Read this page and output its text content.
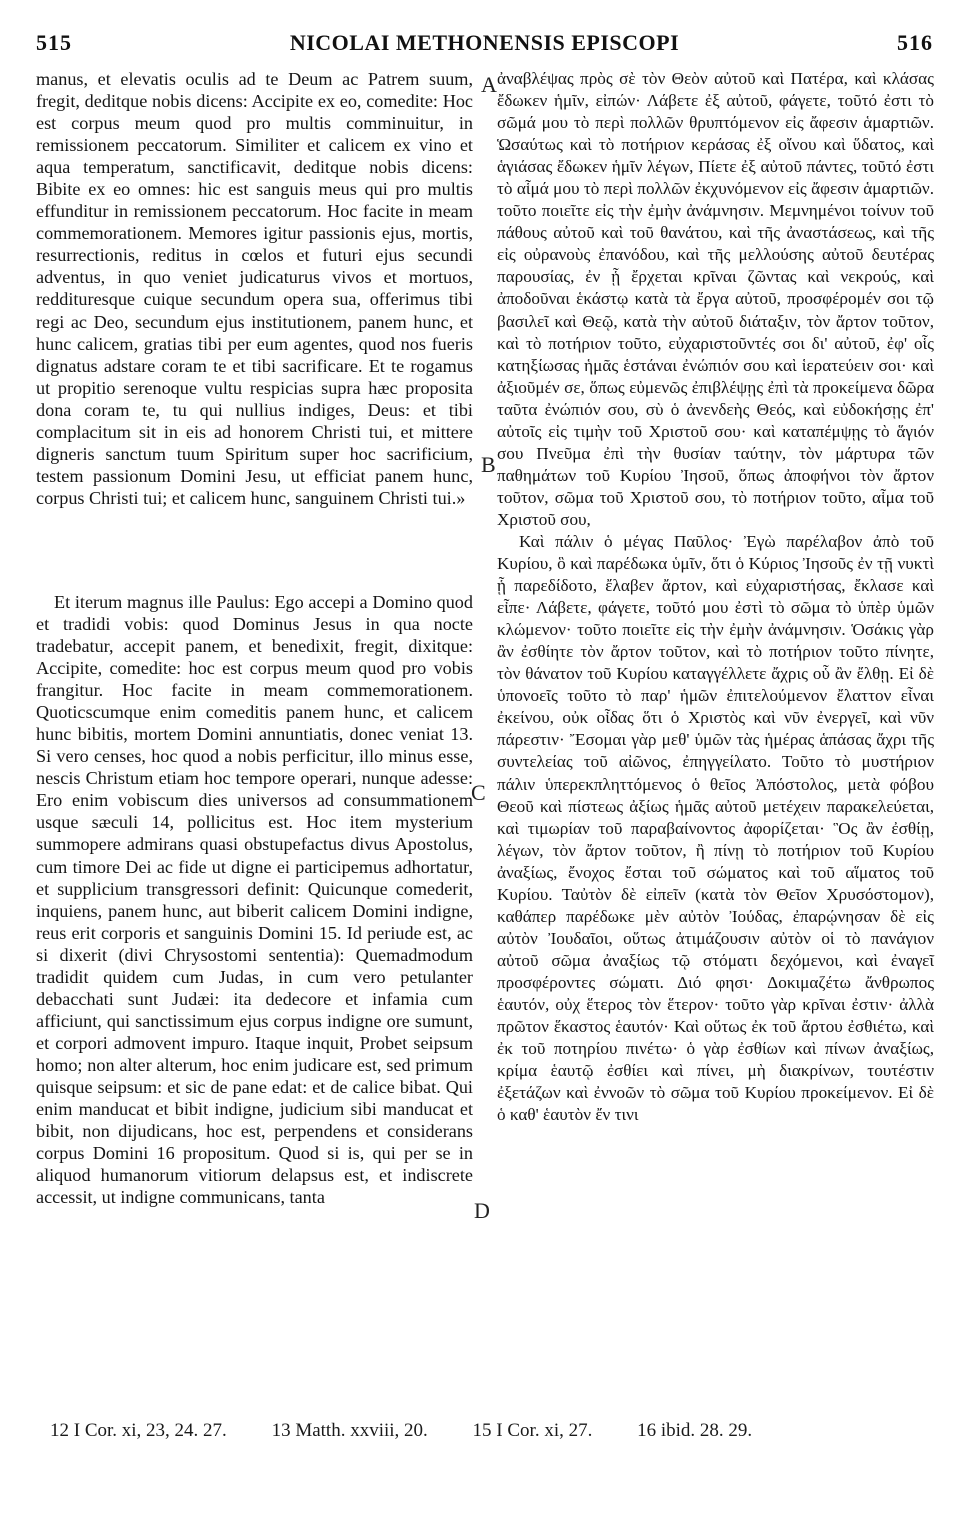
515	NICOLAI METHONENSIS EPISCOPI	516

manus, et elevatis oculis ad te Deum ac Patrem suum, fregit, deditque nobis dicens: Accipite ex eo, comedite: Hoc est corpus meum quod pro multis comminuitur, in remissionem peccatorum. Similiter et calicem ex vino et aqua temperatum, sanctificavit, deditque nobis dicens: Bibite ex eo omnes: hic est sanguis meus qui pro multis effunditur in remissionem peccatorum. Hoc facite in meam commemorationem. Memores igitur passionis ejus, mortis, resurrectionis, reditus in cœlos et futuri ejus secundi adventus, in quo veniet judicaturus vivos et mortuos, reddituresque cuique secundum opera sua, offerimus tibi regi ac Deo, secundum ejus institutionem, panem hunc, et hunc calicem, gratias tibi per eum agentes, quod nos fueris dignatus adstare coram te et tibi sacrificare. Et te rogamus ut propitio serenoque vultu respicias supra hæc proposita dona coram te, tu qui nullius indiges, Deus: et tibi complacitum sit in eis ad honorem Christi tui, et mittere digneris sanctum tuum Spiritum super hoc sacrificium, testem passionum Domini Jesu, ut efficiat panem hunc, corpus Christi tui; et calicem hunc, sanguinem Christi tui.»

Et iterum magnus ille Paulus: Ego accepi a Domino quod et tradidi vobis: quod Dominus Jesus in qua nocte tradebatur, accepit panem, et benedixit, fregit, dixitque: Accipite, comedite: hoc est corpus meum quod pro vobis frangitur. Hoc facite in meam commemorationem. Quoticscumque enim comeditis panem hunc, et calicem hunc bibitis, mortem Domini annuntiatis, donec veniat 13. Si vero censes, hoc quod a nobis perficitur, illo minus esse, nescis Christum etiam hoc tempore operari, nunque adesse: Ero enim vobiscum dies universos ad consummationem usque sæculi 14, pollicitus est. Hoc item mysterium summopere admirans quasi obstupefactus divus Apostolus, cum timore Dei ac fide ut digne ei participemus adhortatur, et supplicium transgressori definit: Quicunque comederit, inquiens, panem hunc, aut biberit calicem Domini indigne, reus erit corporis et sanguinis Domini 15. Id periude est, ac si dixerit (divi Chrysostomi sententia): Quemadmodum tradidit quidem cum Judas, in cum vero petulanter debacchati sunt Judæi: ita dedecore et infamia cum afficiunt, qui sanctissimum ejus corpus indigne ore sumunt, et corpori admovent impuro. Itaque inquit, Probet seipsum homo; non alter alterum, hoc enim judicare est, sed primum quisque seipsum: et sic de pane edat: et de calice bibat. Qui enim manducat et bibit indigne, judicium sibi manducat et bibit, non dijudicans, hoc est, perpendens et considerans corpus Domini 16 propositum. Quod si is, qui per se in aliquod humanorum vitiorum delapsus est, et indiscrete accessit, ut indigne communicans, tanta

ἀναβλέψας πρὸς σὲ τὸν Θεὸν αὐτοῦ καὶ Πατέρα, καὶ κλάσας ἔδωκεν ἡμῖν, εἰπών· Λάβετε ἐξ αὐτοῦ, φάγετε, τοῦτό ἐστι τὸ σῶμά μου τὸ περὶ πολλῶν θρυπτόμενον εἰς ἄφεσιν ἁμαρτιῶν. Ὡσαύτως καὶ τὸ ποτήριον κεράσας ἐξ οἴνου καὶ ὕδατος, καὶ ἁγιάσας ἔδωκεν ἡμῖν λέγων, Πίετε ἐξ αὐτοῦ πάντες, τοῦτό ἐστι τὸ αἷμά μου τὸ περὶ πολλῶν ἐκχυνόμενον εἰς ἄφεσιν ἁμαρτιῶν. τοῦτο ποιεῖτε εἰς τὴν ἐμὴν ἀνάμνησιν. Μεμνημένοι τοίνυν τοῦ πάθους αὐτοῦ καὶ τοῦ θανάτου, καὶ τῆς ἀναστάσεως, καὶ τῆς εἰς οὐρανοὺς ἐπανόδου, καὶ τῆς μελλούσης αὐτοῦ δευτέρας παρουσίας, ἐν ᾗ ἔρχεται κρῖναι ζῶντας καὶ νεκρούς, καὶ ἀποδοῦναι ἑκάστῳ κατὰ τὰ ἔργα αὐτοῦ, προσφέρομέν σοι τῷ βασιλεῖ καὶ Θεῷ, κατὰ τὴν αὐτοῦ διάταξιν, τὸν ἄρτον τοῦτον, καὶ τὸ ποτήριον τοῦτο, εὐχαριστοῦντές σοι δι' αὐτοῦ, ἐφ' οἷς κατηξίωσας ἡμᾶς ἑστάναι ἐνώπιόν σου καὶ ἱερατεύειν σοι· καὶ ἀξιοῦμέν σε, ὅπως εὐμενῶς ἐπιβλέψῃς ἐπὶ τὰ προκείμενα δῶρα ταῦτα ἐνώπιόν σου, σὺ ὁ ἀνενδεὴς Θεός, καὶ εὐδοκήσῃς ἐπ' αὐτοῖς εἰς τιμὴν τοῦ Χριστοῦ σου· καὶ καταπέμψῃς τὸ ἅγιόν σου Πνεῦμα ἐπὶ τὴν θυσίαν ταύτην, τὸν μάρτυρα τῶν παθημάτων τοῦ Κυρίου Ἰησοῦ, ὅπως ἀποφήνοι τὸν ἄρτον τοῦτον, σῶμα τοῦ Χριστοῦ σου, τὸ ποτήριον τοῦτο, αἷμα τοῦ Χριστοῦ σου,

Καὶ πάλιν ὁ μέγας Παῦλος· Ἐγὼ παρέλαβον ἀπὸ τοῦ Κυρίου, ὃ καὶ παρέδωκα ὑμῖν, ὅτι ὁ Κύριος Ἰησοῦς ἐν τῇ νυκτὶ ᾗ παρεδίδοτο, ἔλαβεν ἄρτον, καὶ εὐχαριστήσας, ἔκλασε καὶ εἶπε· Λάβετε, φάγετε, τοῦτό μου ἐστὶ τὸ σῶμα τὸ ὑπὲρ ὑμῶν κλώμενον· τοῦτο ποιεῖτε εἰς τὴν ἐμὴν ἀνάμνησιν. Ὁσάκις γὰρ ἂν ἐσθίητε τὸν ἄρτον τοῦτον, καὶ τὸ ποτήριον τοῦτο πίνητε, τὸν θάνατον τοῦ Κυρίου καταγγέλλετε ἄχρις οὗ ἂν ἔλθῃ. Εἰ δὲ ὑπονοεῖς τοῦτο τὸ παρ' ἡμῶν ἐπιτελούμενον ἔλαττον εἶναι ἐκείνου, οὐκ οἶδας ὅτι ὁ Χριστὸς καὶ νῦν ἐνεργεῖ, καὶ νῦν πάρεστιν· Ἔσομαι γὰρ μεθ' ὑμῶν τὰς ἡμέρας ἁπάσας ἄχρι τῆς συντελείας τοῦ αἰῶνος, ἐπηγγείλατο. Τοῦτο τὸ μυστήριον πάλιν ὑπερεκπληττόμενος ὁ θεῖος Ἀπόστολος, μετὰ φόβου Θεοῦ καὶ πίστεως ἀξίως ἡμᾶς αὐτοῦ μετέχειν παρακελεύεται, καὶ τιμωρίαν τοῦ παραβαίνοντος ἀφορίζεται· Ὃς ἂν ἐσθίῃ, λέγων, τὸν ἄρτον τοῦτον, ἢ πίνῃ τὸ ποτήριον τοῦ Κυρίου ἀναξίως, ἔνοχος ἔσται τοῦ σώματος καὶ τοῦ αἵματος τοῦ Κυρίου. Ταὐτὸν δὲ εἰπεῖν (κατὰ τὸν Θεῖον Χρυσόστομον), καθάπερ παρέδωκε μὲν αὐτὸν Ἰούδας, ἐπαρῴνησαν δὲ εἰς αὐτὸν Ἰουδαῖοι, οὕτως ἀτιμάζουσιν αὐτὸν οἱ τὸ πανάγιον αὐτοῦ σῶμα ἀναξίως τῷ στόματι δεχόμενοι, καὶ ἐναγεῖ προσφέροντες σώματι. Διό φησι· Δοκιμαζέτω ἄνθρωπος ἑαυτόν, οὐχ ἕτερος τὸν ἕτερον· τοῦτο γὰρ κρῖναι ἐστιν· ἀλλὰ πρῶτον ἕκαστος ἑαυτόν· Καὶ οὕτως ἐκ τοῦ ἄρτου ἐσθιέτω, καὶ ἐκ τοῦ ποτηρίου πινέτω· ὁ γὰρ ἐσθίων καὶ πίνων ἀναξίως, κρίμα ἑαυτῷ ἐσθίει καὶ πίνει, μὴ διακρίνων, τουτέστιν ἐξετάζων καὶ ἐννοῶν τὸ σῶμα τοῦ Κυρίου προκείμενον. Εἰ δὲ ὁ καθ' ἑαυτὸν ἔν τινι

A
B
C
D
12 I Cor. xi, 23, 24. 27. 13 Matth. xxviii, 20. 15 I Cor. xi, 27. 16 ibid. 28. 29.
